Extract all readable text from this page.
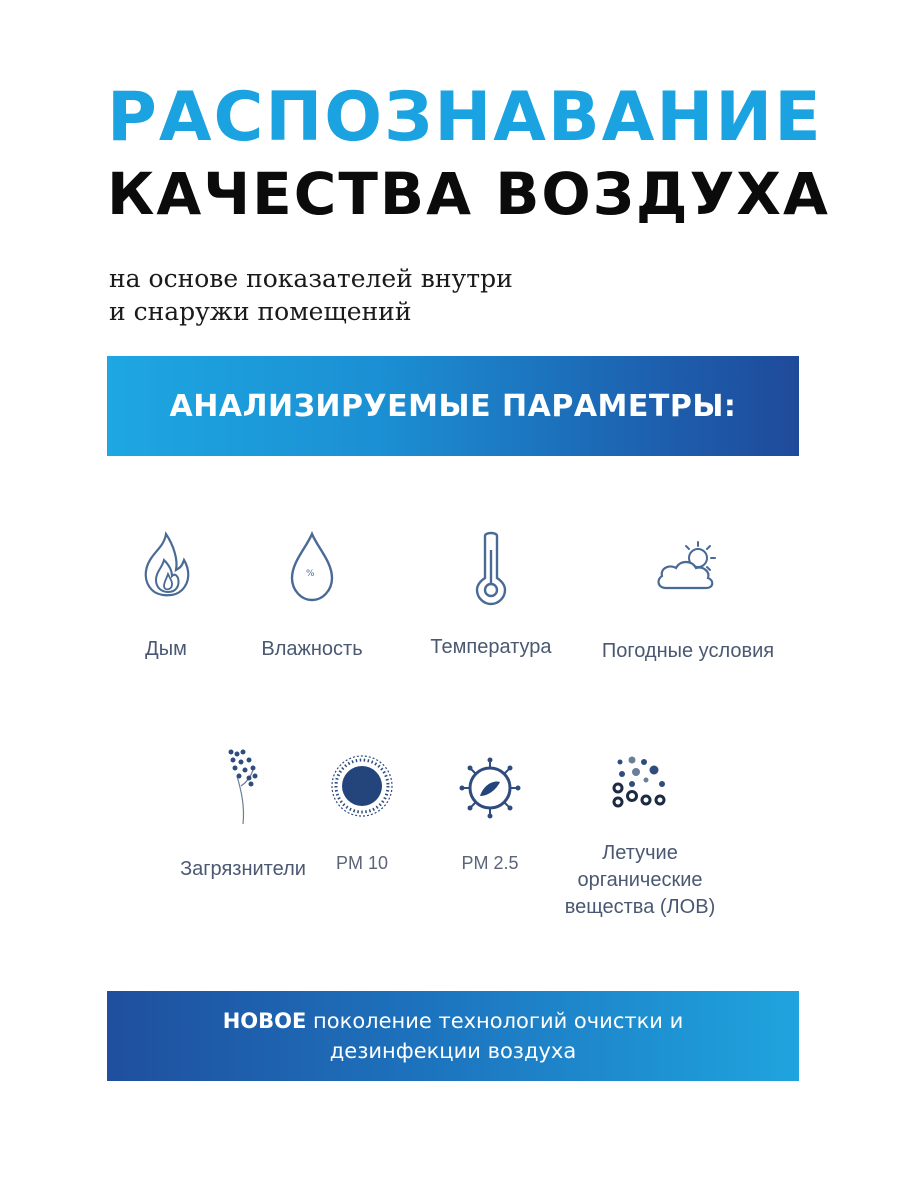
РАСПОЗНАВАНИЕ
КАЧЕСТВА ВОЗДУХА

на основе показателей внутри
и снаружи помещений

АНАЛИЗИРУЕМЫЕ ПАРАМЕТРЫ:
Дым
%
Влажность	Температура	Погодные условия
Загрязнители	PM 10	PM 2.5	Летучие
органические
вещества (ЛОВ)
НОВОЕ поколение технологий очистки и
дезинфекции воздуха
